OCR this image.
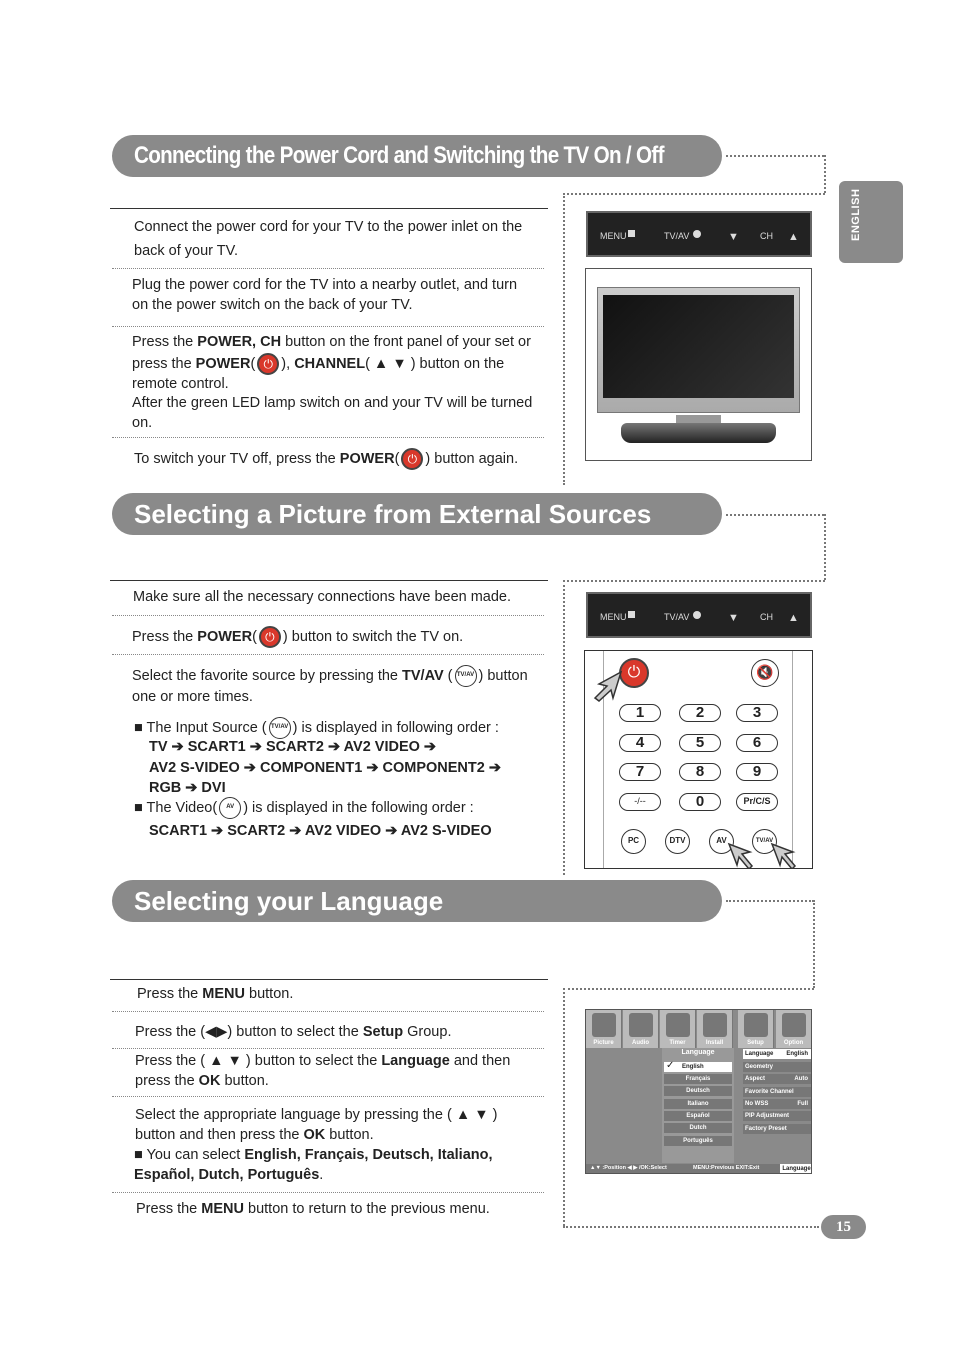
Connecting the Power Cord and Switching the TV On / Off
Selecting a Picture from External Sources
Selecting your Language
ENGLISH
Connect the power cord for your TV to the power inlet on the back of your TV.
Plug the power cord for the TV into a nearby outlet, and turn on the power switch on the back of your TV.
Press the POWER, CH button on the front panel of your set or press the POWER( ⏻ ), CHANNEL( ▲ ▼ ) button on the remote control.
After the green LED lamp switch on and your TV will be turned on.
To switch your TV off, press the POWER( ⏻ ) button again.
MENU	TV/AV	▼ CH ▲
Make sure all the necessary connections have been made.
Press the POWER( ⏻ ) button to switch the TV on.
Select the favorite source by pressing the TV/AV ( TV/AV ) button one or more times.
■ The Input Source ( TV/AV ) is displayed in following order :
TV ➔ SCART1 ➔ SCART2 ➔ AV2 VIDEO ➔
AV2 S-VIDEO ➔ COMPONENT1 ➔ COMPONENT2 ➔
RGB ➔ DVI
■ The Video( AV ) is displayed in the following order :
SCART1 ➔ SCART2 ➔ AV2 VIDEO ➔ AV2 S-VIDEO
MENU	TV/AV	▼ CH ▲
⏻	🔇
1	2	3
4	5	6
7	8	9
-/--	0	Pr/C/S
PC	DTV	AV	TV/AV
Press the MENU button.
Press the (◀▶) button to select the Setup Group.
Press the ( ▲ ▼ ) button to select the Language and then press the OK button.
Select the appropriate language by pressing the ( ▲ ▼ ) button and then press the OK button.
■ You can select English, Français, Deutsch, Italiano, Español, Dutch, Português.
Press the MENU button to return to the previous menu.
Picture	Audio	Timer	Install	Setup	Option
Language
English
✓
Français
Deutsch
Italiano
Español
Dutch
Português
Language English
Geometry
Aspect	Auto
Favorite Channel
No WSS	Full
PIP Adjustment
Factory Preset
▲▼ :Position ◀ ▶ /OK:Select	MENU:Previous EXIT:Exit	Language
15
